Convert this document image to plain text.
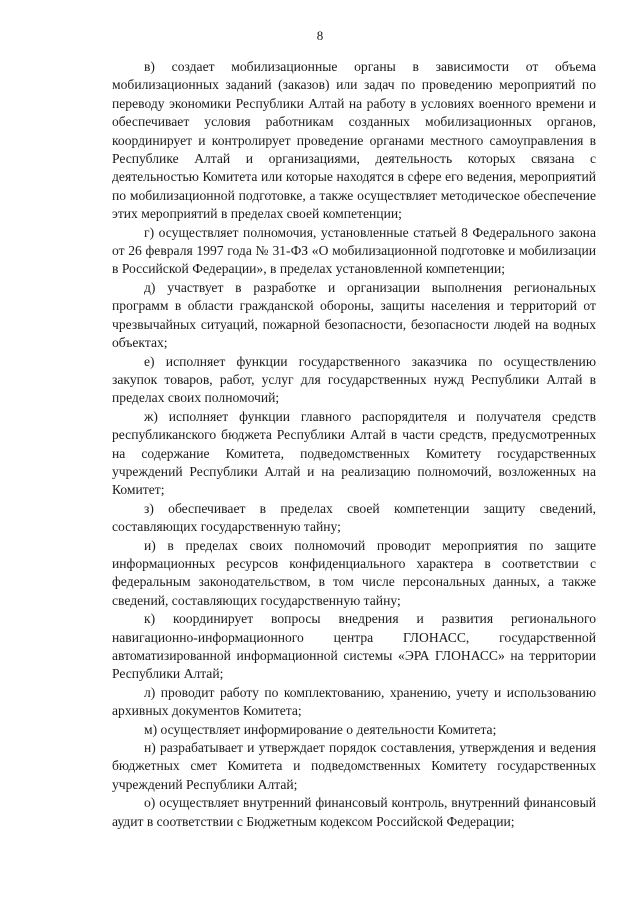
8

в) создает мобилизационные органы в зависимости от объема мобилизационных заданий (заказов) или задач по проведению мероприятий по переводу экономики Республики Алтай на работу в условиях военного времени и обеспечивает условия работникам созданных мобилизационных органов, координирует и контролирует проведение органами местного самоуправления в Республике Алтай и организациями, деятельность которых связана с деятельностью Комитета или которые находятся в сфере его ведения, мероприятий по мобилизационной подготовке, а также осуществляет методическое обеспечение этих мероприятий в пределах своей компетенции;

г) осуществляет полномочия, установленные статьей 8 Федерального закона от 26 февраля 1997 года № 31-ФЗ «О мобилизационной подготовке и мобилизации в Российской Федерации», в пределах установленной компетенции;

д) участвует в разработке и организации выполнения региональных программ в области гражданской обороны, защиты населения и территорий от чрезвычайных ситуаций, пожарной безопасности, безопасности людей на водных объектах;

е) исполняет функции государственного заказчика по осуществлению закупок товаров, работ, услуг для государственных нужд Республики Алтай в пределах своих полномочий;

ж) исполняет функции главного распорядителя и получателя средств республиканского бюджета Республики Алтай в части средств, предусмотренных на содержание Комитета, подведомственных Комитету государственных учреждений Республики Алтай и на реализацию полномочий, возложенных на Комитет;

з) обеспечивает в пределах своей компетенции защиту сведений, составляющих государственную тайну;

и) в пределах своих полномочий проводит мероприятия по защите информационных ресурсов конфиденциального характера в соответствии с федеральным законодательством, в том числе персональных данных, а также сведений, составляющих государственную тайну;

к) координирует вопросы внедрения и развития регионального навигационно-информационного центра ГЛОНАСС, государственной автоматизированной информационной системы «ЭРА ГЛОНАСС» на территории Республики Алтай;

л) проводит работу по комплектованию, хранению, учету и использованию архивных документов Комитета;

м) осуществляет информирование о деятельности Комитета;

н) разрабатывает и утверждает порядок составления, утверждения и ведения бюджетных смет Комитета и подведомственных Комитету государственных учреждений Республики Алтай;

о) осуществляет внутренний финансовый контроль, внутренний финансовый аудит в соответствии с Бюджетным кодексом Российской Федерации;
